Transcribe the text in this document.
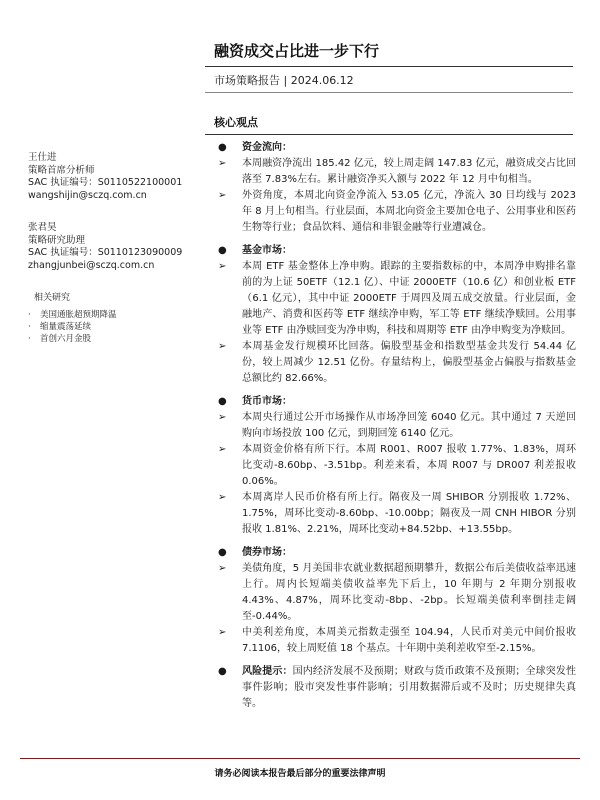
融资成交占比进一步下行
市场策略报告 | 2024.06.12
核心观点
王仕进
策略首席分析师
SAC 执证编号：S0110522100001
wangshijin@sczq.com.cn
张君昊
策略研究助理
SAC 执证编号：S0110123090009
zhangjunbei@sczq.com.cn
相关研究
· 美国通胀超预期降温
· 缩量震荡延续
· 首创六月金股
●	资金流向：
➢	本周融资净流出 185.42 亿元，较上周走阔 147.83 亿元，融资成交占比回落至 7.83%左右。累计融资净买入额与 2022 年 12 月中旬相当。
➢	外资角度，本周北向资金净流入 53.05 亿元，净流入 30 日均线与 2023 年 8 月上旬相当。行业层面，本周北向资金主要加仓电子、公用事业和医药生物等行业；食品饮料、通信和非银金融等行业遭减仓。
●	基金市场：
➢	本周 ETF 基金整体上净申购。跟踪的主要指数标的中，本周净申购排名靠前的为上证 50ETF（12.1 亿）、中证 2000ETF（10.6 亿）和创业板 ETF（6.1 亿元），其中中证 2000ETF 于周四及周五成交放量。行业层面，金融地产、消费和医药等 ETF 继续净申购，军工等 ETF 继续净赎回。公用事业等 ETF 由净赎回变为净申购，科技和周期等 ETF 由净申购变为净赎回。
➢	本周基金发行规模环比回落。偏股型基金和指数型基金共发行 54.44 亿份，较上周减少 12.51 亿份。存量结构上，偏股型基金占偏股与指数基金总额比约 82.66%。
●	货币市场：
➢	本周央行通过公开市场操作从市场净回笼 6040 亿元。其中通过 7 天逆回购向市场投放 100 亿元，到期回笼 6140 亿元。
➢	本周资金价格有所下行。本周 R001、R007 报收 1.77%、1.83%，周环比变动-8.60bp、-3.51bp。利差来看，本周 R007 与 DR007 利差报收 0.06%。
➢	本周离岸人民币价格有所上行。隔夜及一周 SHIBOR 分别报收 1.72%、1.75%，周环比变动-8.60bp、-10.00bp；隔夜及一周 CNH HIBOR 分别报收 1.81%、2.21%，周环比变动+84.52bp、+13.55bp。
●	债券市场：
➢	美债角度，5 月美国非农就业数据超预期攀升，数据公布后美债收益率迅速上行。周内长短端美债收益率先下后上，10 年期与 2 年期分别报收 4.43%、4.87%，周环比变动-8bp、-2bp。长短端美债利率倒挂走阔至-0.44%。
➢	中美利差角度，本周美元指数走强至 104.94，人民币对美元中间价报收 7.1106，较上周贬值 18 个基点。十年期中美利差收窄至-2.15%。
●	风险提示：国内经济发展不及预期；财政与货币政策不及预期；全球突发性事件影响；股市突发性事件影响；引用数据滞后或不及时；历史规律失真等。
请务必阅读本报告最后部分的重要法律声明
